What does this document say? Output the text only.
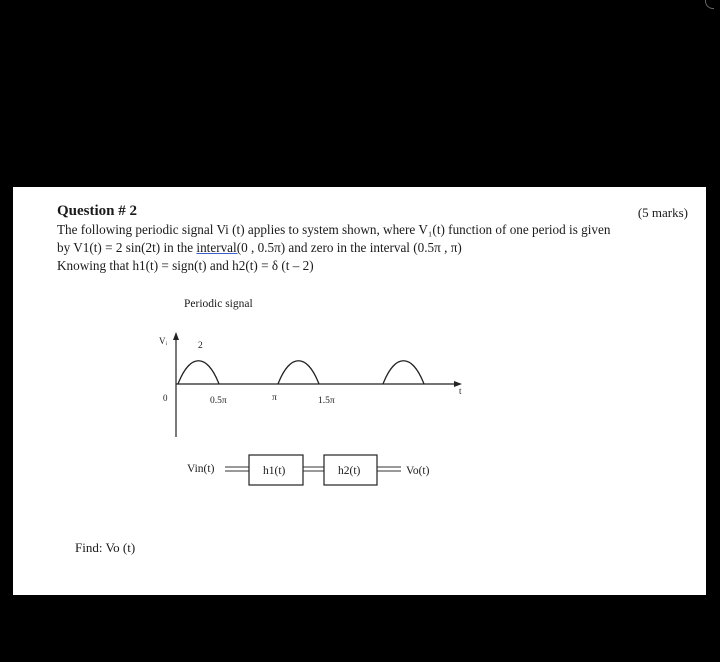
Question # 2	(5 marks)
The following periodic signal Vi (t) applies to system shown, where V₁(t) function of one period is given
by V1(t) = 2 sin(2t) in the interval(0 , 0.5π) and zero in the interval (0.5π , π)
Knowing that h1(t) = sign(t) and h2(t) = δ (t – 2)
Periodic signal
Vᵢ	2
0
t
0.5π	π	1.5π
Vin(t)	h1(t)	h2(t)	Vo(t)
Find: Vo (t)
